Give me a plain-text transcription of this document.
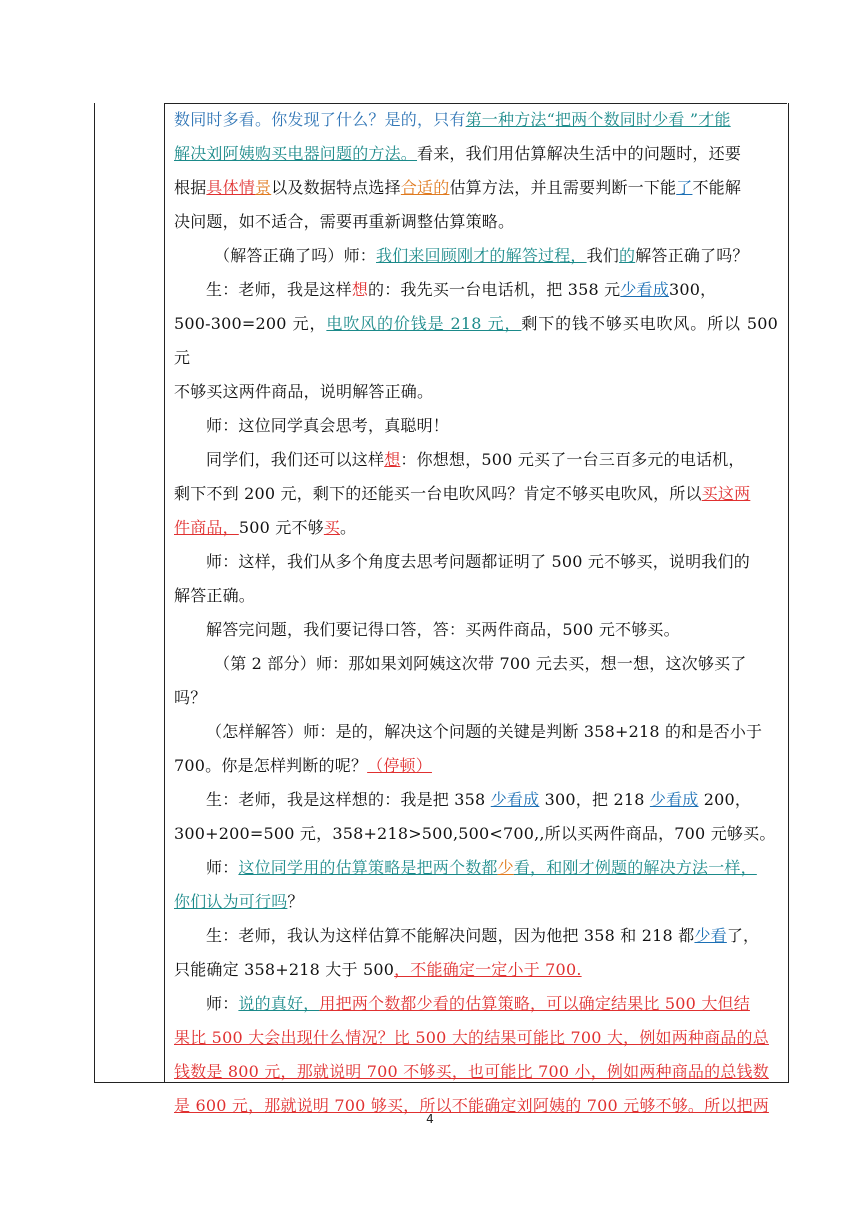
数同时多看。你发现了什么？是的，只有第一种方法“把两个数同时少看 ”才能

解决刘阿姨购买电器问题的方法。看来，我们用估算解决生活中的问题时，还要

根据具体情景以及数据特点选择合适的估算方法，并且需要判断一下能了不能解

决问题，如不适合，需要再重新调整估算策略。

（解答正确了吗）师：我们来回顾刚才的解答过程，我们的解答正确了吗？

生：老师，我是这样想的：我先买一台电话机，把 358 元少看成300，

500-300=200 元，电吹风的价钱是 218 元，剩下的钱不够买电吹风。所以 500 元

不够买这两件商品，说明解答正确。

师：这位同学真会思考，真聪明！

同学们，我们还可以这样想：你想想，500 元买了一台三百多元的电话机，

剩下不到 200 元，剩下的还能买一台电吹风吗？肯定不够买电吹风，所以买这两

件商品，500 元不够买。

师：这样，我们从多个角度去思考问题都证明了 500 元不够买，说明我们的

解答正确。

解答完问题，我们要记得口答，答：买两件商品，500 元不够买。

（第 2 部分）师：那如果刘阿姨这次带 700 元去买，想一想，这次够买了

吗？

（怎样解答）师：是的，解决这个问题的关键是判断 358+218 的和是否小于

700。你是怎样判断的呢？（停顿）

生：老师，我是这样想的：我是把 358 少看成 300，把 218 少看成 200，

300+200=500 元，358+218>500,500<700,,所以买两件商品，700 元够买。

师：这位同学用的估算策略是把两个数都少看，和刚才例题的解决方法一样，

你们认为可行吗？

生：老师，我认为这样估算不能解决问题，因为他把 358 和 218 都少看了，

只能确定 358+218 大于 500，不能确定一定小于 700.

师：说的真好，用把两个数都少看的估算策略，可以确定结果比 500 大但结

果比 500 大会出现什么情况？比 500 大的结果可能比 700 大，例如两种商品的总

钱数是 800 元，那就说明 700 不够买，也可能比 700 小，例如两种商品的总钱数

是 600 元，那就说明 700 够买，所以不能确定刘阿姨的 700 元够不够。所以把两

4
